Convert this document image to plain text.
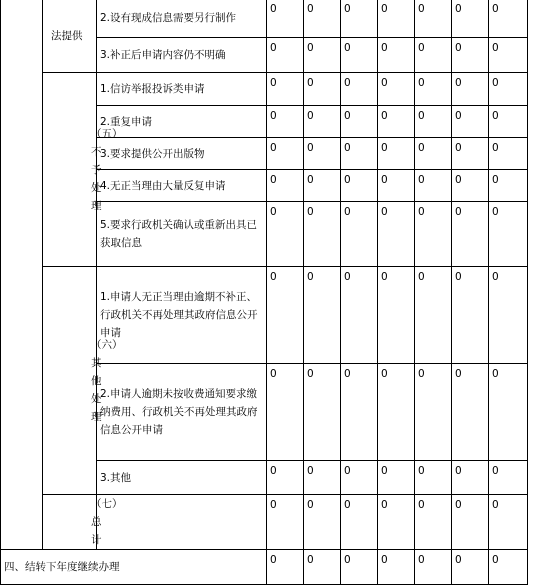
	法提供	2.设有现成信息需要另行制作	0	0	0	0	0	0	0

		3.补正后申请内容仍不明确	0	0	0	0	0	0	0

	（五）不予处理	1.信访举报投诉类申请	0	0	0	0	0	0	0

		2.重复申请	0	0	0	0	0	0	0

		3.要求提供公开出版物	0	0	0	0	0	0	0

		4.无正当理由大量反复申请	0	0	0	0	0	0	0

		5.要求行政机关确认或重新出具已获取信息	0	0	0	0	0	0	0

	（六）其他处理	1.申请人无正当理由逾期不补正、行政机关不再处理其政府信息公开申请	0	0	0	0	0	0	0

		2.申请人逾期未按收费通知要求缴纳费用、行政机关不再处理其政府信息公开申请	0	0	0	0	0	0	0

		3.其他	0	0	0	0	0	0	0

	（七）总计		0	0	0	0	0	0	0

四、结转下年度继续办理			0	0	0	0	0	0	0
